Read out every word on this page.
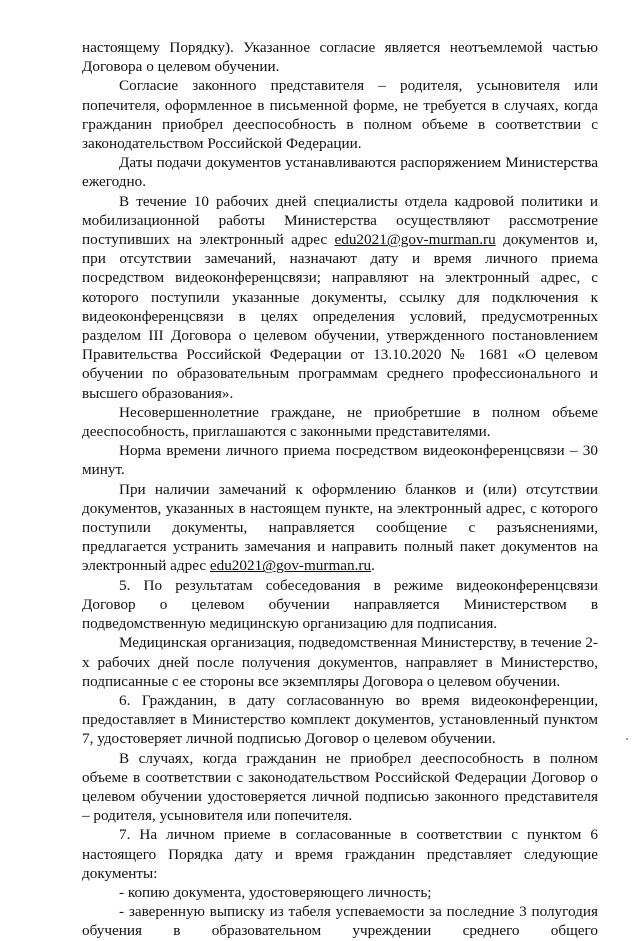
настоящему Порядку). Указанное согласие является неотъемлемой частью Договора о целевом обучении.

Согласие законного представителя – родителя, усыновителя или попечителя, оформленное в письменной форме, не требуется в случаях, когда гражданин приобрел дееспособность в полном объеме в соответствии с законодательством Российской Федерации.

Даты подачи документов устанавливаются распоряжением Министерства ежегодно.

В течение 10 рабочих дней специалисты отдела кадровой политики и мобилизационной работы Министерства осуществляют рассмотрение поступивших на электронный адрес edu2021@gov-murman.ru документов и, при отсутствии замечаний, назначают дату и время личного приема посредством видеоконференцсвязи; направляют на электронный адрес, с которого поступили указанные документы, ссылку для подключения к видеоконференцсвязи в целях определения условий, предусмотренных разделом III Договора о целевом обучении, утвержденного постановлением Правительства Российской Федерации от 13.10.2020 № 1681 «О целевом обучении по образовательным программам среднего профессионального и высшего образования».

Несовершеннолетние граждане, не приобретшие в полном объеме дееспособность, приглашаются с законными представителями.

Норма времени личного приема посредством видеоконференцсвязи – 30 минут.

При наличии замечаний к оформлению бланков и (или) отсутствии документов, указанных в настоящем пункте, на электронный адрес, с которого поступили документы, направляется сообщение с разъяснениями, предлагается устранить замечания и направить полный пакет документов на электронный адрес edu2021@gov-murman.ru.

5. По результатам собеседования в режиме видеоконференцсвязи Договор о целевом обучении направляется Министерством в подведомственную медицинскую организацию для подписания.

Медицинская организация, подведомственная Министерству, в течение 2-х рабочих дней после получения документов, направляет в Министерство, подписанные с ее стороны все экземпляры Договора о целевом обучении.

6. Гражданин, в дату согласованную во время видеоконференции, предоставляет в Министерство комплект документов, установленный пунктом 7, удостоверяет личной подписью Договор о целевом обучении.

В случаях, когда гражданин не приобрел дееспособность в полном объеме в соответствии с законодательством Российской Федерации Договор о целевом обучении удостоверяется личной подписью законного представителя – родителя, усыновителя или попечителя.

7. На личном приеме в согласованные в соответствии с пунктом 6 настоящего Порядка дату и время гражданин представляет следующие документы:

- копию документа, удостоверяющего личность;

- заверенную выписку из табеля успеваемости за последние 3 полугодия обучения в образовательном учреждении среднего общего
